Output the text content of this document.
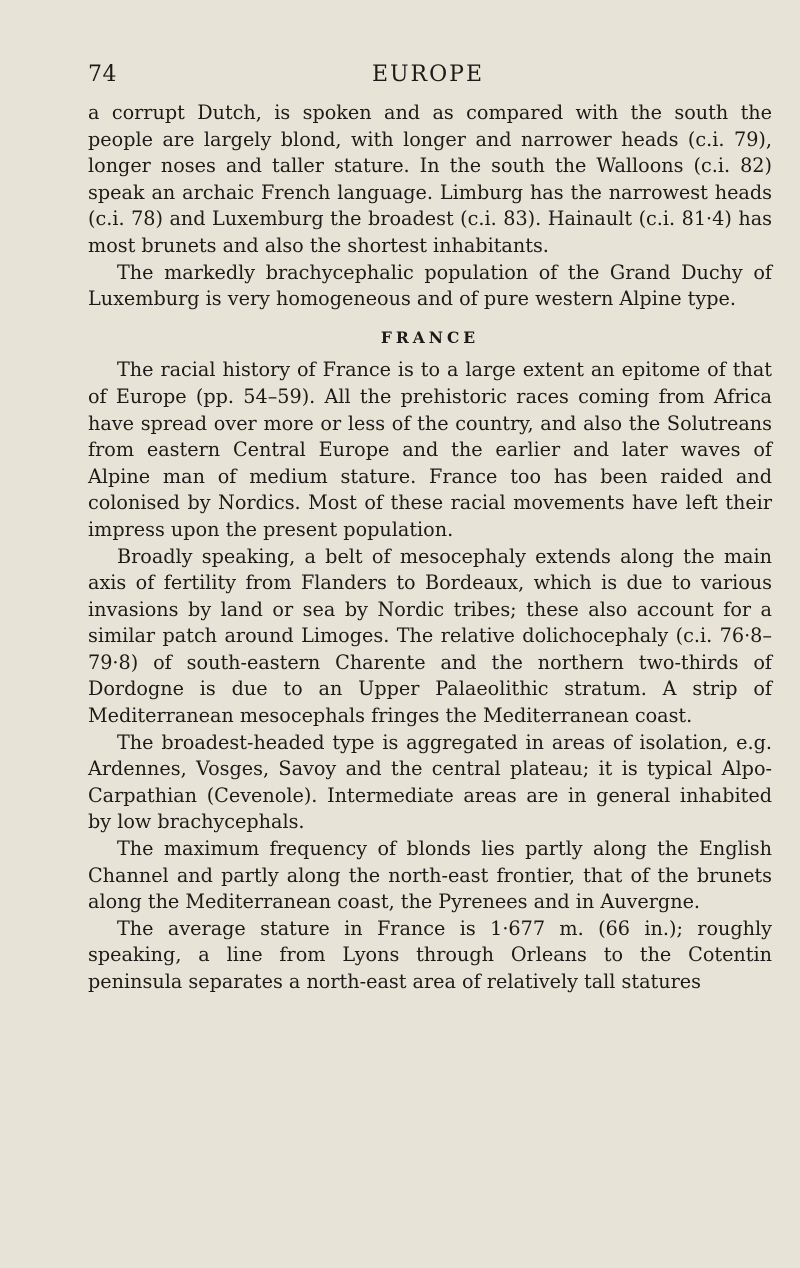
74	EUROPE

a corrupt Dutch, is spoken and as compared with the south the people are largely blond, with longer and narrower heads (c.i. 79), longer noses and taller stature. In the south the Walloons (c.i. 82) speak an archaic French language. Limburg has the narrowest heads (c.i. 78) and Luxemburg the broadest (c.i. 83). Hainault (c.i. 81·4) has most brunets and also the shortest inhabitants.

The markedly brachycephalic population of the Grand Duchy of Luxemburg is very homogeneous and of pure western Alpine type.

FRANCE

The racial history of France is to a large extent an epitome of that of Europe (pp. 54–59). All the prehistoric races coming from Africa have spread over more or less of the country, and also the Solutreans from eastern Central Europe and the earlier and later waves of Alpine man of medium stature. France too has been raided and colonised by Nordics. Most of these racial movements have left their impress upon the present population.

Broadly speaking, a belt of mesocephaly extends along the main axis of fertility from Flanders to Bordeaux, which is due to various invasions by land or sea by Nordic tribes; these also account for a similar patch around Limoges. The relative dolichocephaly (c.i. 76·8–79·8) of south-eastern Charente and the northern two-thirds of Dordogne is due to an Upper Palaeolithic stratum. A strip of Mediterranean mesocephals fringes the Mediterranean coast.

The broadest-headed type is aggregated in areas of isolation, e.g. Ardennes, Vosges, Savoy and the central plateau; it is typical Alpo-Carpathian (Cevenole). Intermediate areas are in general inhabited by low brachycephals.

The maximum frequency of blonds lies partly along the English Channel and partly along the north-east frontier, that of the brunets along the Mediterranean coast, the Pyrenees and in Auvergne.

The average stature in France is 1·677 m. (66 in.); roughly speaking, a line from Lyons through Orleans to the Cotentin peninsula separates a north-east area of relatively tall statures
